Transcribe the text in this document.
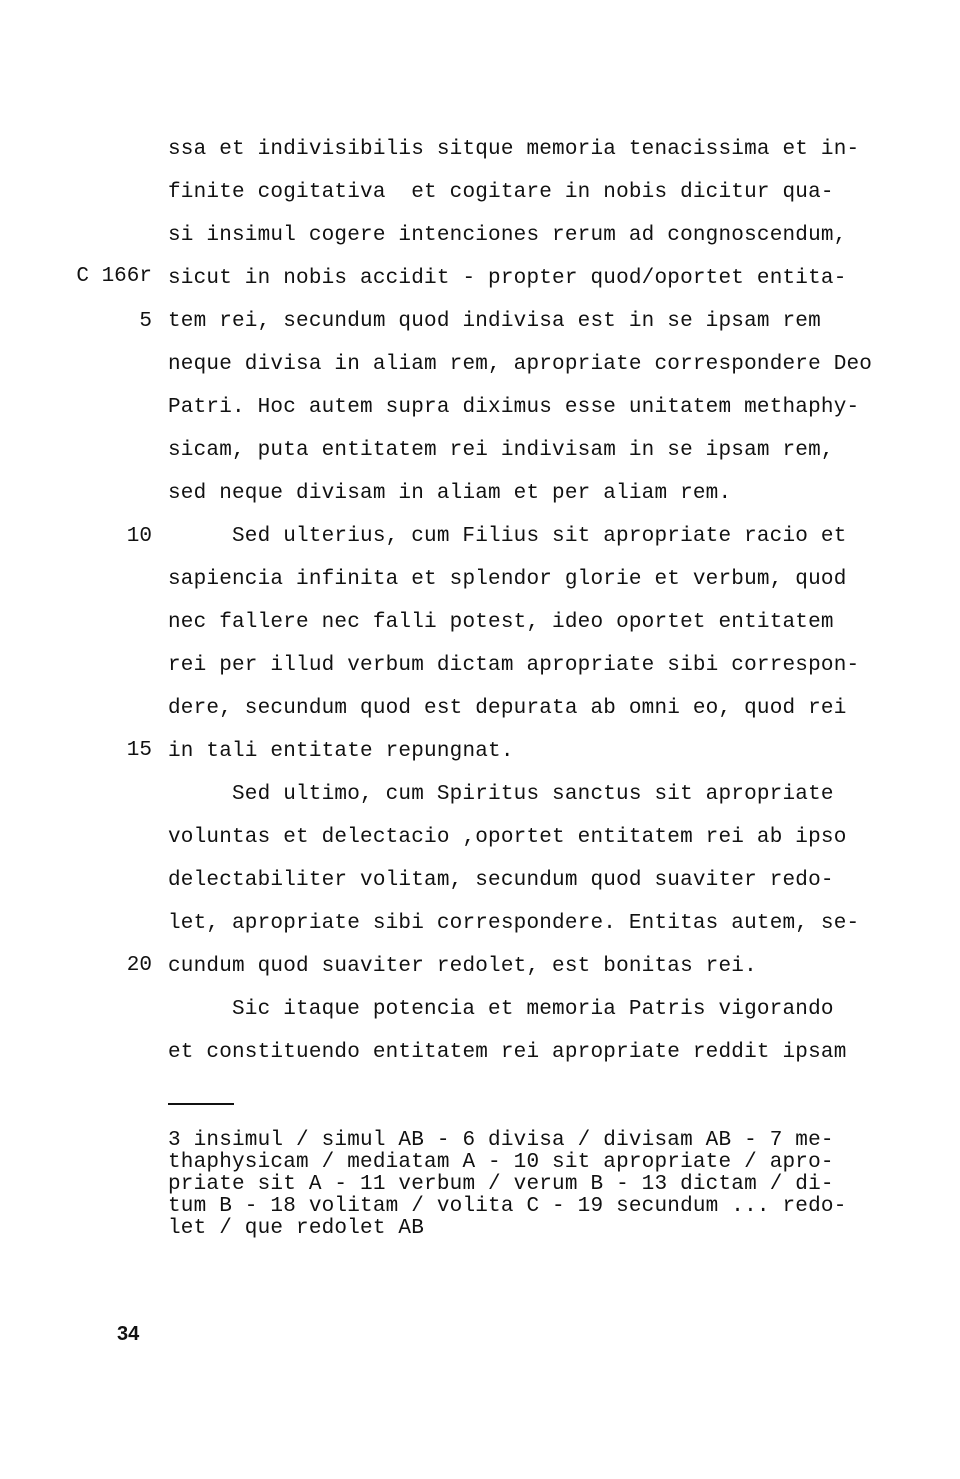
C 166r
5
10
15
20
ssa et indivisibilis sitque memoria tenacissima et in-
finite cogitativa  et cogitare in nobis dicitur qua-
si insimul cogere intenciones rerum ad congnoscendum,
sicut in nobis accidit - propter quod/oportet entita-
tem rei, secundum quod indivisa est in se ipsam rem
neque divisa in aliam rem, apropriate correspondere Deo
Patri. Hoc autem supra diximus esse unitatem methaphy-
sicam, puta entitatem rei indivisam in se ipsam rem,
sed neque divisam in aliam et per aliam rem.
Sed ulterius, cum Filius sit apropriate racio et
sapiencia infinita et splendor glorie et verbum, quod
nec fallere nec falli potest, ideo oportet entitatem
rei per illud verbum dictam apropriate sibi correspon-
dere, secundum quod est depurata ab omni eo, quod rei
in tali entitate repungnat.
Sed ultimo, cum Spiritus sanctus sit apropriate
voluntas et delectacio ,oportet entitatem rei ab ipso
delectabiliter volitam, secundum quod suaviter redo-
let, apropriate sibi correspondere. Entitas autem, se-
cundum quod suaviter redolet, est bonitas rei.
Sic itaque potencia et memoria Patris vigorando
et constituendo entitatem rei apropriate reddit ipsam
3 insimul / simul AB - 6 divisa / divisam AB - 7 me-
thaphysicam / mediatam A - 10 sit apropriate / apro-
priate sit A - 11 verbum / verum B - 13 dictam / di-
tum B - 18 volitam / volita C - 19 secundum ... redo-
let / que redolet AB
34
